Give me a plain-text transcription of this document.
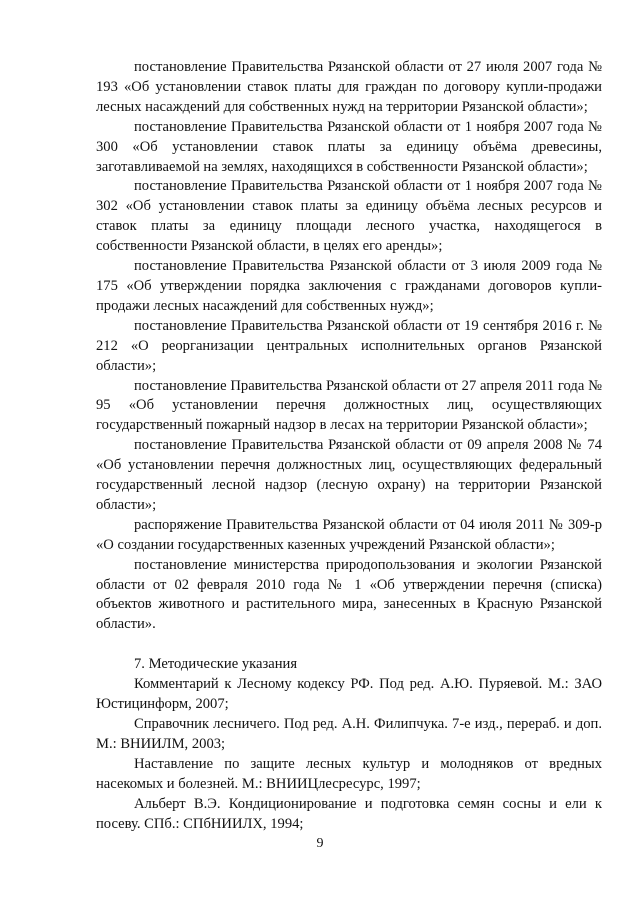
постановление Правительства Рязанской области от 27 июля 2007 года № 193 «Об установлении ставок платы для граждан по договору купли-продажи лесных насаждений для собственных нужд на территории Рязанской области»;

постановление Правительства Рязанской области от 1 ноября 2007 года № 300 «Об установлении ставок платы за единицу объёма древесины, заготавливаемой на землях, находящихся в собственности Рязанской области»;

постановление Правительства Рязанской области от 1 ноября 2007 года № 302 «Об установлении ставок платы за единицу объёма лесных ресурсов и ставок платы за единицу площади лесного участка, находящегося в собственности Рязанской области, в целях его аренды»;

постановление Правительства Рязанской области от 3 июля 2009 года № 175 «Об утверждении порядка заключения с гражданами договоров купли-продажи лесных насаждений для собственных нужд»;

постановление Правительства Рязанской области от 19 сентября 2016 г. № 212 «О реорганизации центральных исполнительных органов Рязанской области»;

постановление Правительства Рязанской области от 27 апреля 2011 года № 95 «Об установлении перечня должностных лиц, осуществляющих государственный пожарный надзор в лесах на территории Рязанской области»;

постановление Правительства Рязанской области от 09 апреля 2008 № 74 «Об установлении перечня должностных лиц, осуществляющих федеральный государственный лесной надзор (лесную охрану) на территории Рязанской области»;

распоряжение Правительства Рязанской области от 04 июля 2011 № 309-р «О создании государственных казенных учреждений Рязанской области»;

постановление министерства природопользования и экологии Рязанской области от 02 февраля 2010 года № 1 «Об утверждении перечня (списка) объектов животного и растительного мира, занесенных в Красную Рязанской области».

7. Методические указания

Комментарий к Лесному кодексу РФ. Под ред. А.Ю. Пуряевой. М.: ЗАО Юстицинформ, 2007;

Справочник лесничего. Под ред. А.Н. Филипчука. 7-е изд., перераб. и доп. М.: ВНИИЛМ, 2003;

Наставление по защите лесных культур и молодняков от вредных насекомых и болезней. М.: ВНИИЦлесресурс, 1997;

Альберт В.Э. Кондиционирование и подготовка семян сосны и ели к посеву. СПб.: СПбНИИЛХ, 1994;

9
